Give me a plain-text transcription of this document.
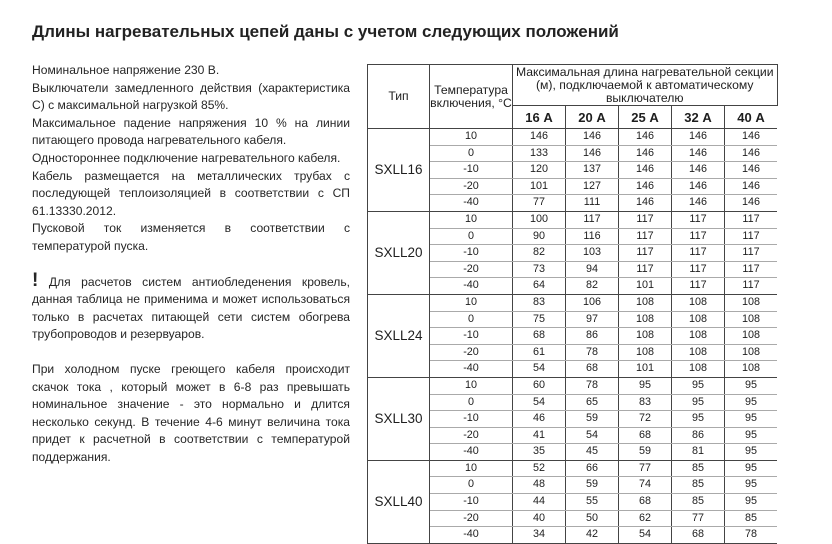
Длины нагревательных цепей даны с учетом следующих положений

Номинальное напряжение 230 В.

Выключатели замедленного действия (характеристика С) с максимальной нагрузкой 85%.

Максимальное падение напряжения 10 % на линии питающего провода нагревательного кабеля.

Одностороннее подключение нагревательного кабеля.

Кабель размещается на металлических трубах с последующей теплоизоляцией в соответствии с СП 61.13330.2012.

Пусковой ток изменяется в соответствии с температурой пуска.

! Для расчетов систем антиобледенения кровель, данная таблица не применима и может использоваться только в расчетах питающей сети систем обогрева трубопроводов и резервуаров.

При холодном пуске греющего кабеля происходит скачок тока , который может в 6-8 раз превышать номинальное значение - это нормально и длится несколько секунд. В течение 4-6 минут величина тока придет к расчетной в соответствии с температурой поддержания.

Тип	Температура включения, °С	Максимальная длина нагревательной секции (м), подключаемой к автоматическому выключателю				
		16 А	20 А	25 А	32 А	40 А
SXLL16	10	146	146	146	146	146
	0	133	146	146	146	146
	-10	120	137	146	146	146
	-20	101	127	146	146	146
	-40	77	111	146	146	146
SXLL20	10	100	117	117	117	117
	0	90	116	117	117	117
	-10	82	103	117	117	117
	-20	73	94	117	117	117
	-40	64	82	101	117	117
SXLL24	10	83	106	108	108	108
	0	75	97	108	108	108
	-10	68	86	108	108	108
	-20	61	78	108	108	108
	-40	54	68	101	108	108
SXLL30	10	60	78	95	95	95
	0	54	65	83	95	95
	-10	46	59	72	95	95
	-20	41	54	68	86	95
	-40	35	45	59	81	95
SXLL40	10	52	66	77	85	95
	0	48	59	74	85	95
	-10	44	55	68	85	95
	-20	40	50	62	77	85
	-40	34	42	54	68	78
